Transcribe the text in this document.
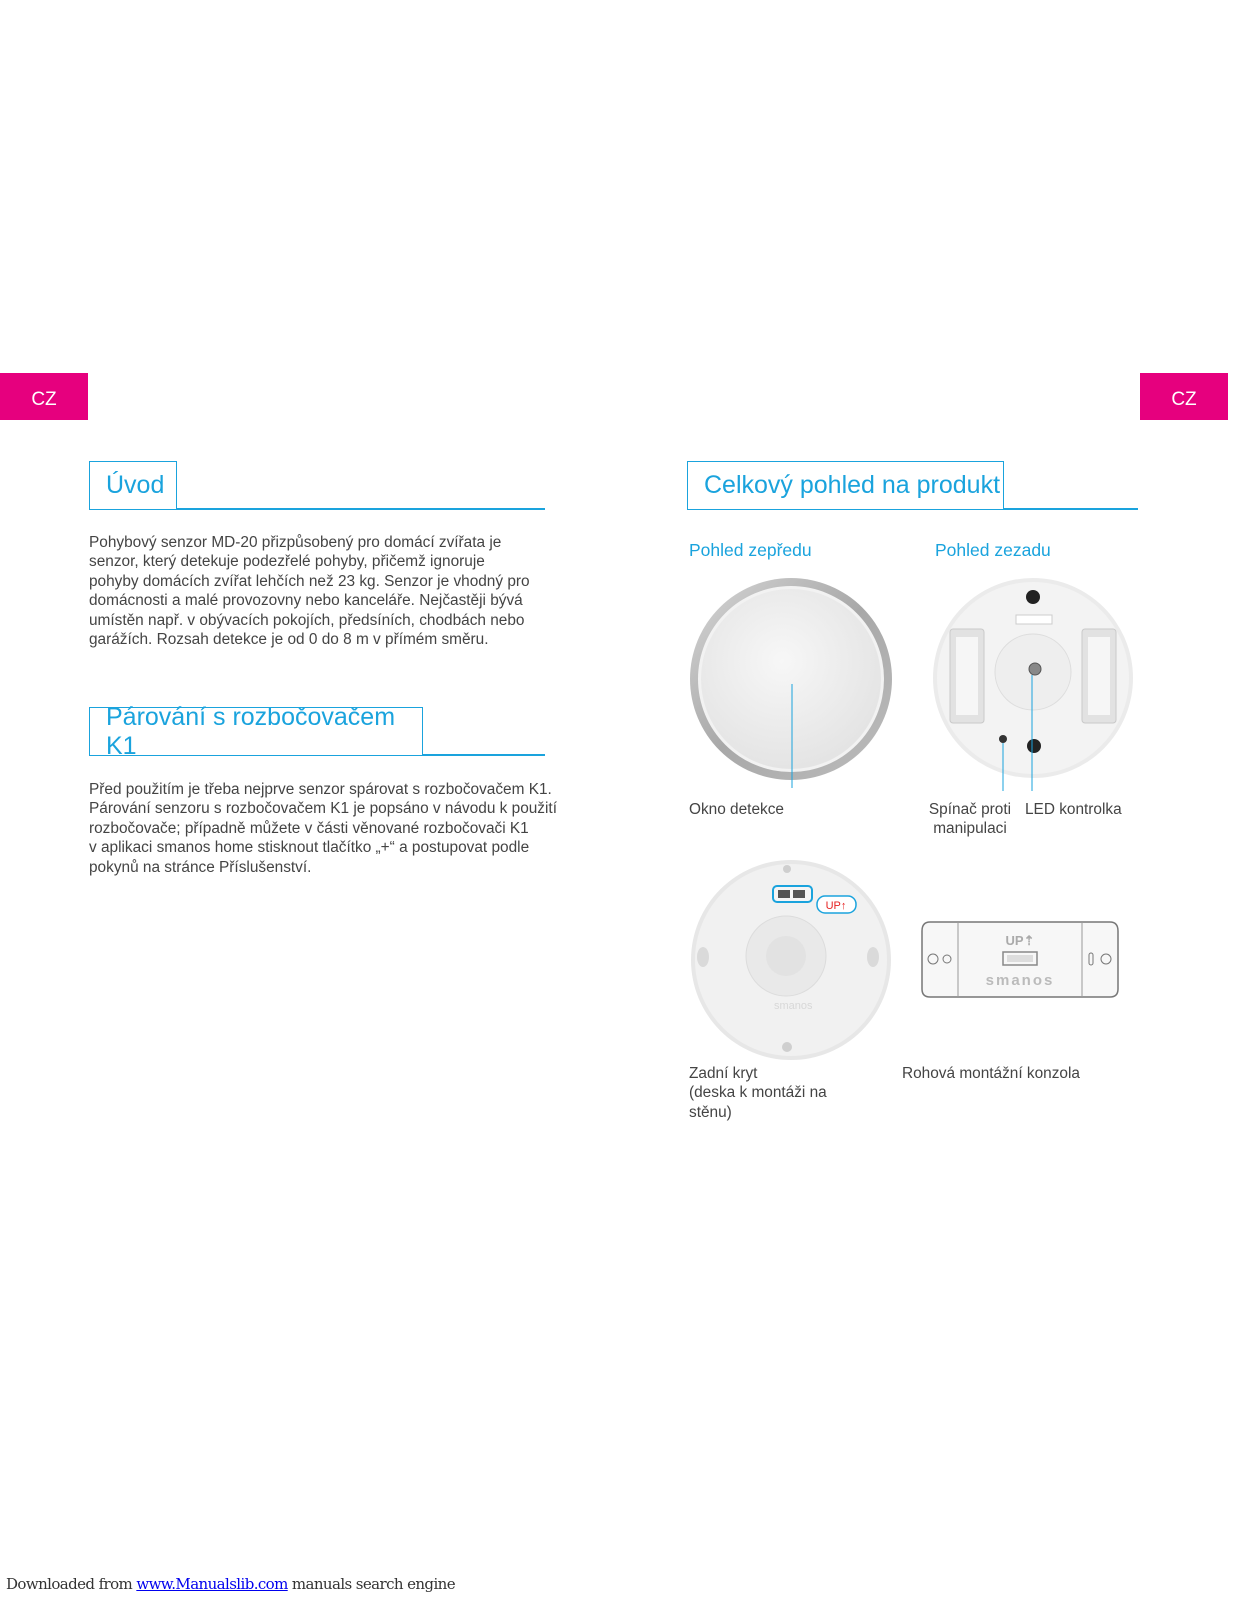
CZ	CZ
Úvod
Pohybový senzor MD-20 přizpůsobený pro domácí zvířata je
senzor, který detekuje podezřelé pohyby, přičemž ignoruje
pohyby domácích zvířat lehčích než 23 kg. Senzor je vhodný pro
domácnosti a malé provozovny nebo kanceláře. Nejčastěji bývá
umístěn např. v obývacích pokojích, předsíních, chodbách nebo
garážích. Rozsah detekce je od 0 do 8 m v přímém směru.
Párování s rozbočovačem K1
Před použitím je třeba nejprve senzor spárovat s rozbočovačem K1.
Párování senzoru s rozbočovačem K1 je popsáno v návodu k použití
rozbočovače; případně můžete v části věnované rozbočovači K1
v aplikaci smanos home stisknout tlačítko „+“ a postupovat podle
pokynů na stránce Příslušenství.
Celkový pohled na produkt
Pohled zepředu	Pohled zezadu
Okno detekce	Spínač proti
manipulaci
LED kontrolka
UP↑
smanos
UP⇡
smanos
Zadní kryt
(deska k montáži na
stěnu)
Rohová montážní konzola
Downloaded from www.Manualslib.com manuals search engine
